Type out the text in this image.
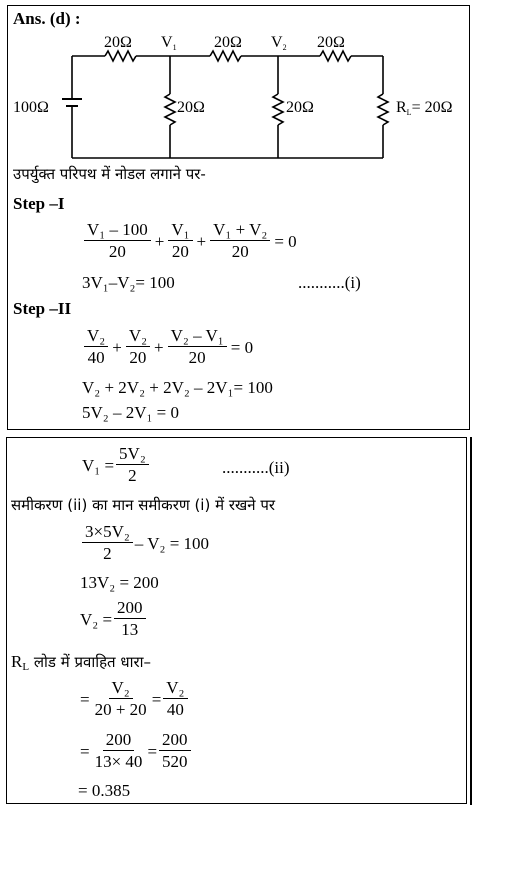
Ans. (d) :
20Ω V1 20Ω V2 20Ω
100Ω	20Ω	20Ω	RL= 20Ω
उपर्युक्त परिपथ में नोडल लगाने पर-
Step –I
$\frac{\text{V₁ – 100}}{20} + \frac{\text{V₁}}{20} + \frac{\text{V₁ + V₂}}{20} = 0$
3V₁–V₂= 100	...........(i)
Step –II
$\frac{\text{V₂}}{40} + \frac{\text{V₂}}{20} + \frac{\text{V₂ – V₁}}{20} = 0$
V₂ + 2V₂ + 2V₂ – 2V₁= 100
5V₂ – 2V₁ = 0
$V_1 = \frac{\text{5V₂}}{2}$	...........(ii)
समीकरण (ii) का मान समीकरण (i) में रखने पर
$\frac{\text{3×5V₂}}{2} - V_2 = 100$
13V₂ = 200
$V_2 = \frac{200}{13}$
$R_L$ लोड में प्रवाहित धारा–
= $\frac{\text{V₂}}{20 + 20} = \frac{\text{V₂}}{40}$
= $\frac{200}{13\times 40} = \frac{200}{520}$
= 0.385
